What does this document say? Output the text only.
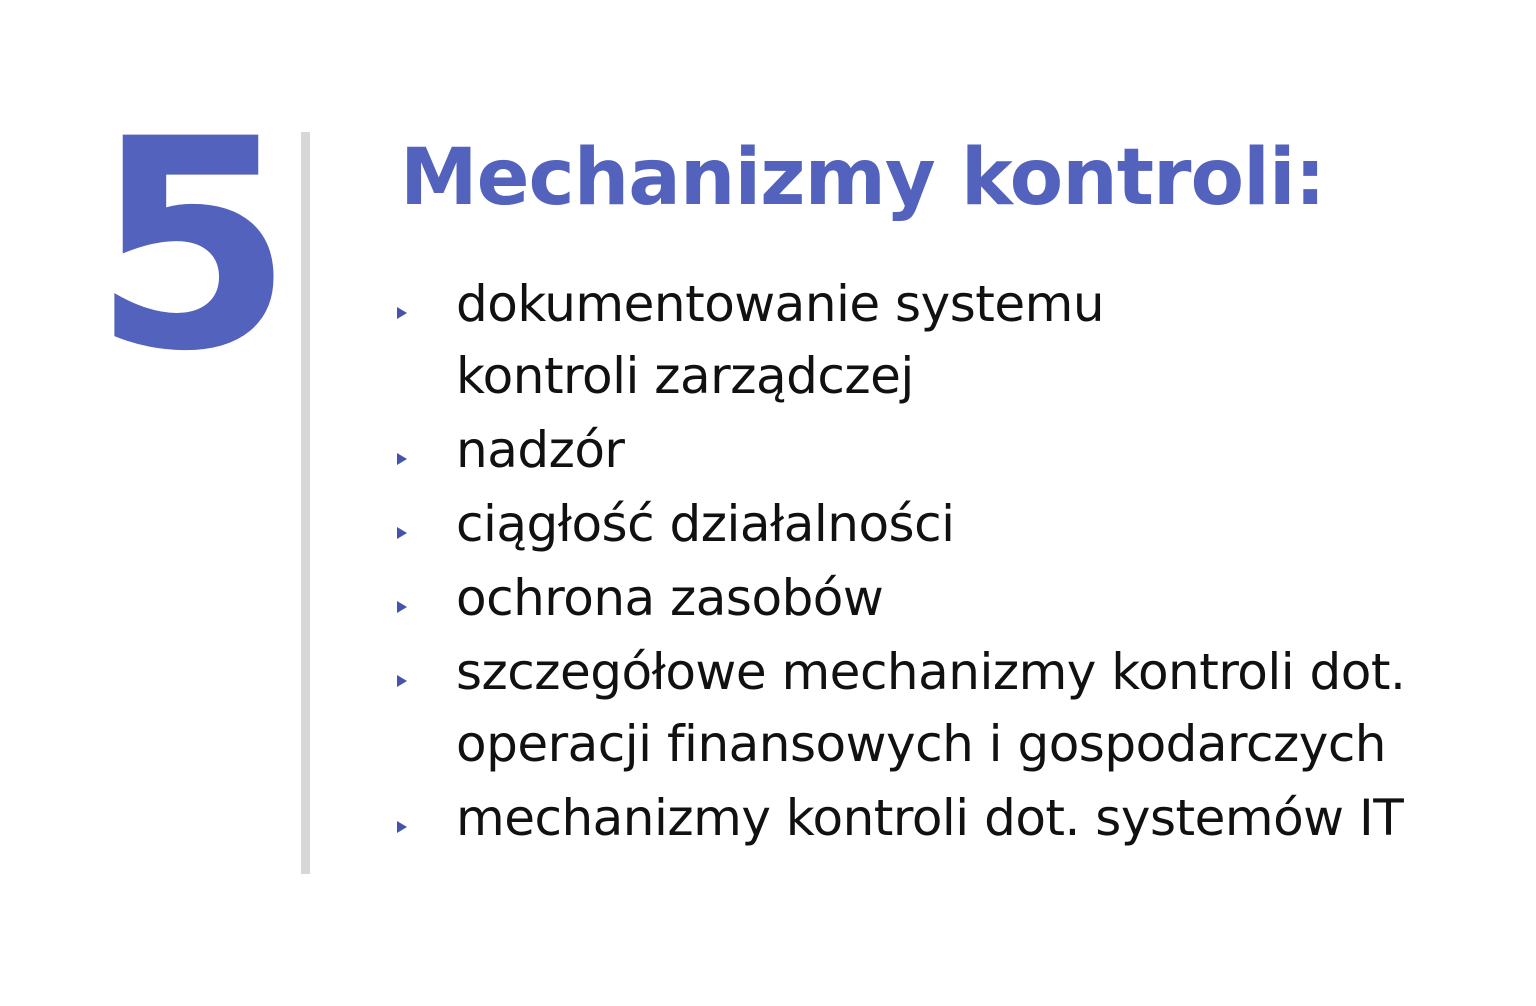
5 Mechanizmy kontroli:
dokumentowanie systemu
kontroli zarządczej
nadzór
ciągłość działalności
ochrona zasobów
szczegółowe mechanizmy kontroli dot.
operacji finansowych i gospodarczych
mechanizmy kontroli dot. systemów IT
